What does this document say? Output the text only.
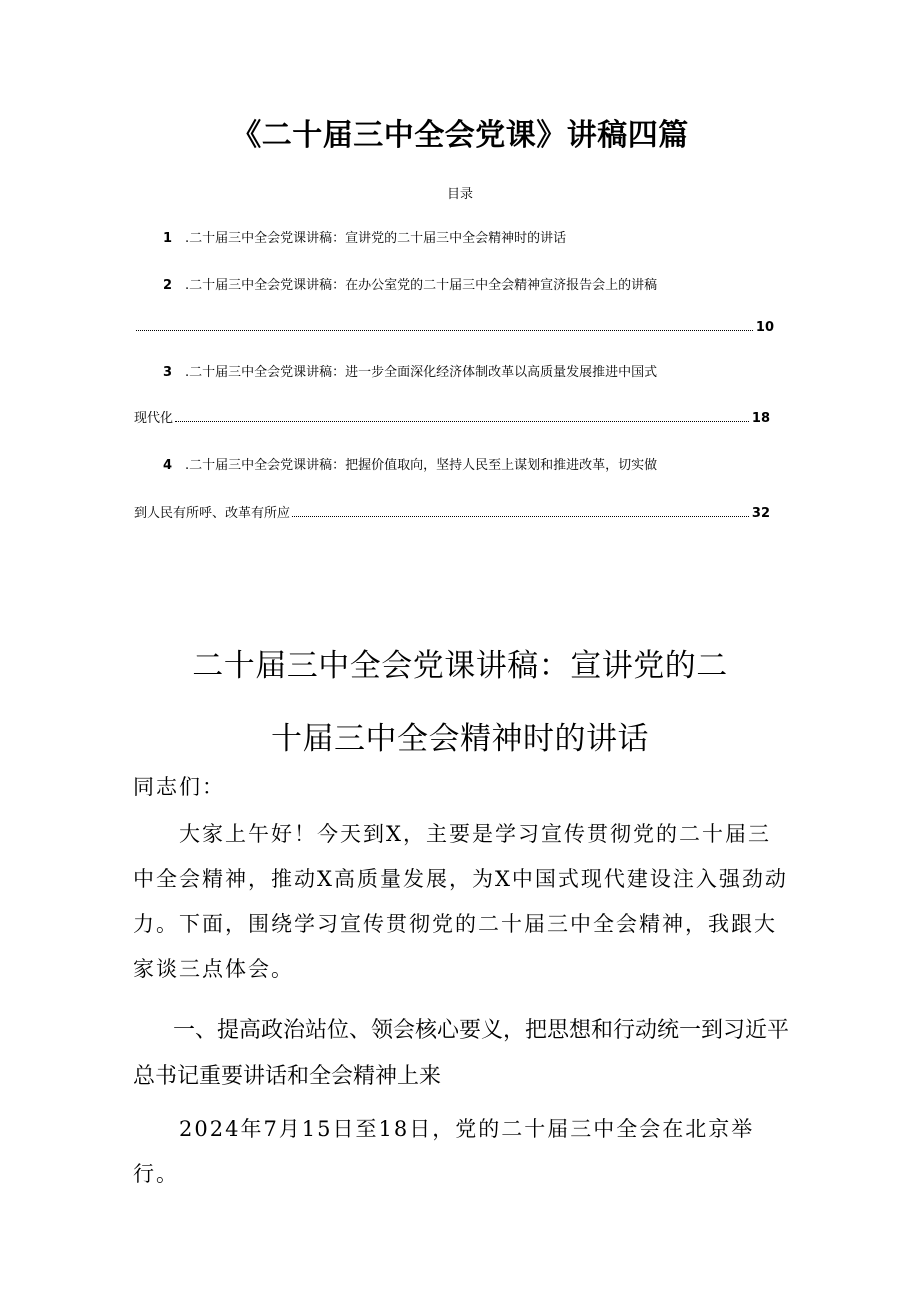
《二十届三中全会党课》讲稿四篇
目录
1 .二十届三中全会党课讲稿：宣讲党的二十届三中全会精神时的讲话
2 .二十届三中全会党课讲稿：在办公室党的二十届三中全会精神宣济报告会上的讲稿
10
3 .二十届三中全会党课讲稿：进一步全面深化经济体制改革以高质量发展推进中国式
现代化	18
4 .二十届三中全会党课讲稿：把握价值取向，坚持人民至上谋划和推进改革，切实做
到人民有所呼、改革有所应	32
二十届三中全会党课讲稿：宣讲党的二
十届三中全会精神时的讲话

同志们：

大家上午好！今天到X，主要是学习宣传贯彻党的二十届三中全会精神，推动X高质量发展，为X中国式现代建设注入强劲动力。下面，围绕学习宣传贯彻党的二十届三中全会精神，我跟大家谈三点体会。

一、提高政治站位、领会核心要义，把思想和行动统一到习近平总书记重要讲话和全会精神上来

2024年7月15日至18日，党的二十届三中全会在北京举行。
